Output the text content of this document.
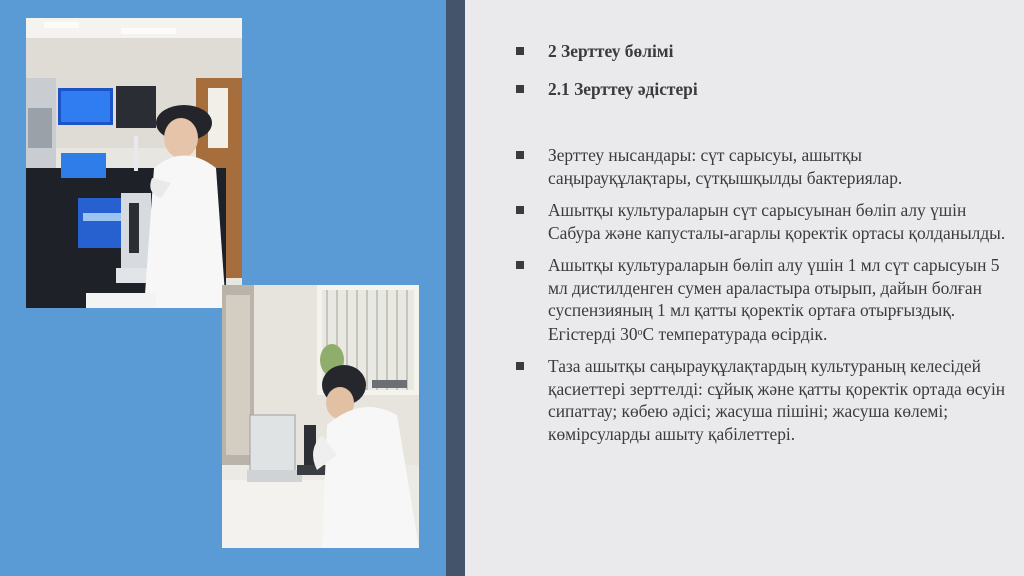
2 Зерттеу бөлімі
2.1 Зерттеу әдістері
Зерттеу нысандары: сүт сарысуы, ашытқы саңырауқұлақтары, сүтқышқылды бактериялар.
Ашытқы культураларын сүт сарысуынан бөліп алу үшін Сабура және капусталы-агарлы қоректік ортасы қолданылды.
Ашытқы культураларын бөліп алу үшін 1 мл сүт сарысуын 5 мл дистилденген сумен араластыра отырып, дайын болған суспензияның 1 мл қатты қоректік ортаға отырғыздық. Егістерді $30^оС$ температурада өсірдік.
Таза ашытқы саңырауқұлақтардың культураның келесідей қасиеттері зерттелді: сұйық және қатты қоректік ортада өсуін сипаттау; көбею әдісі; жасуша пішіні; жасуша көлемі; көмірсуларды ашыту қабілеттері.
